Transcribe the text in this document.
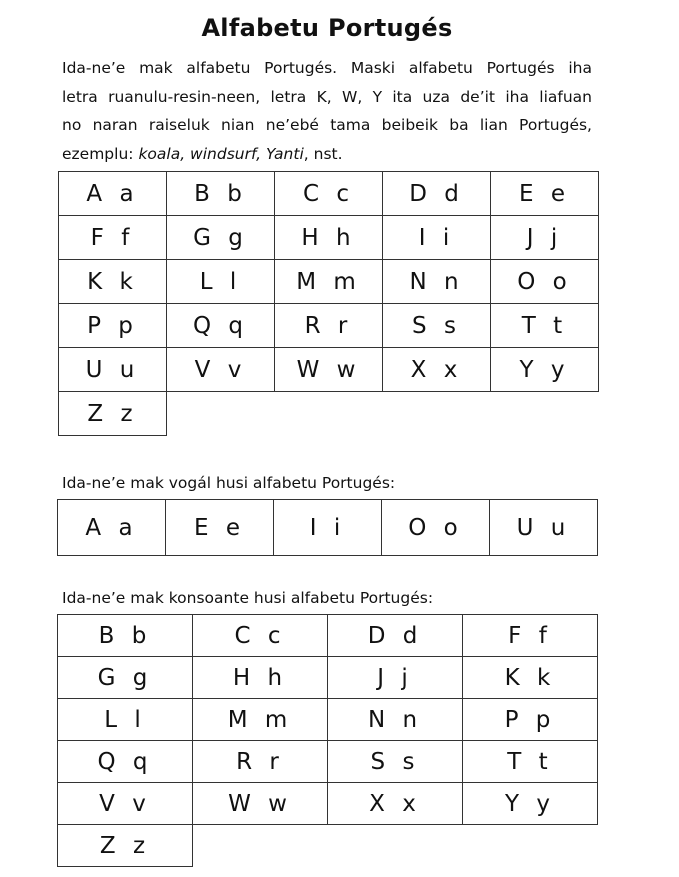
Alfabetu Portugés

Ida-ne’e mak alfabetu Portugés. Maski alfabetu Portugés iha
letra ruanulu-resin-neen, letra K, W, Y ita uza de’it iha liafuan
no naran raiseluk nian ne’ebé tama beibeik ba lian Portugés,
ezemplu: koala, windsurf, Yanti, nst.

A a	B b	C c	D d	E e
F f	G g	H h	I i	J j
K k	L l	M m	N n	O o
P p	Q q	R r	S s	T t
U u	V v	W w	X x	Y y
Z z				
Ida-ne’e mak vogál husi alfabetu Portugés:
A a	E e	I i	O o	U u
Ida-ne’e mak konsoante husi alfabetu Portugés:
B b	C c	D d	F f
G g	H h	J j	K k
L l	M m	N n	P p
Q q	R r	S s	T t
V v	W w	X x	Y y
Z z			
